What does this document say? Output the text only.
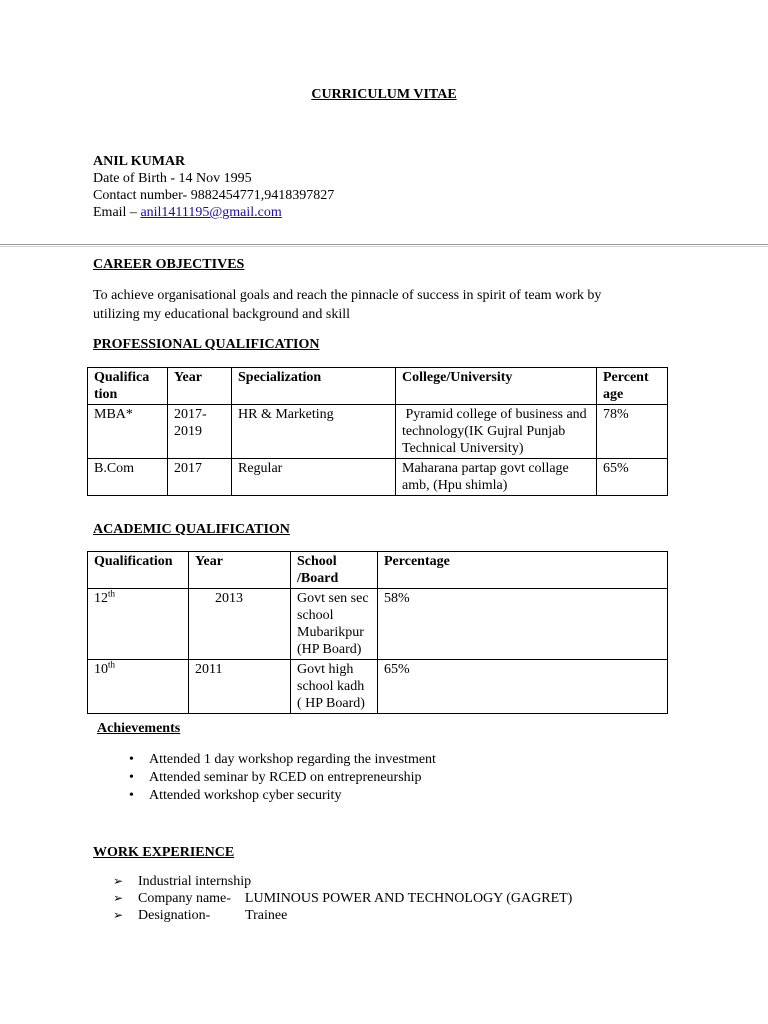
CURRICULUM VITAE
ANIL KUMAR
Date of Birth - 14 Nov 1995
Contact number- 9882454771,9418397827
Email – anil1411195@gmail.com
CAREER OBJECTIVES
To achieve organisational goals and reach the pinnacle of success in spirit of team work by
utilizing my educational background and skill
PROFESSIONAL QUALIFICATION
Qualifica tion	Year	Specialization	College/University	Percent age
MBA*	2017- 2019	HR & Marketing	Pyramid college of business and technology(IK Gujral Punjab Technical University)	78%
B.Com	2017	Regular	Maharana partap govt collage amb, (Hpu shimla)	65%
ACADEMIC QUALIFICATION
Qualification	Year	School /Board	Percentage
12th	2013	Govt sen sec school Mubarikpur (HP Board)	58%
10th	2011	Govt high school kadh ( HP Board)	65%
Achievements
• Attended 1 day workshop regarding the investment
• Attended seminar by RCED on entrepreneurship
• Attended workshop cyber security
WORK EXPERIENCE
➢ Industrial internship
➢ Company name-    LUMINOUS POWER AND TECHNOLOGY (GAGRET)
➢ Designation-          Trainee
